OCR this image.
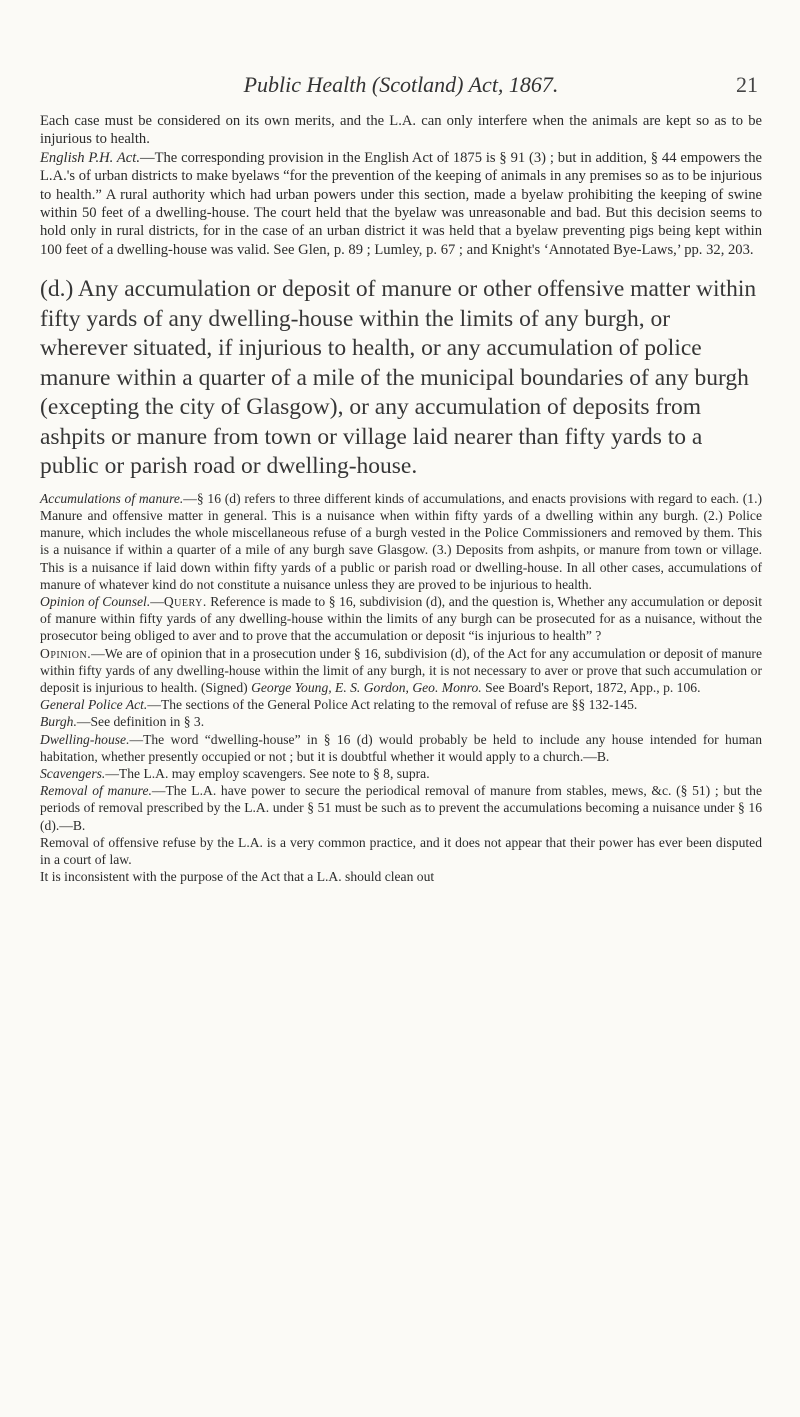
Public Health (Scotland) Act, 1867.	21

Each case must be considered on its own merits, and the L.A. can only interfere when the animals are kept so as to be injurious to health.

English P.H. Act.—The corresponding provision in the English Act of 1875 is § 91 (3) ; but in addition, § 44 empowers the L.A.'s of urban districts to make byelaws “for the prevention of the keeping of animals in any premises so as to be injurious to health.” A rural authority which had urban powers under this section, made a byelaw prohibiting the keeping of swine within 50 feet of a dwelling-house. The court held that the byelaw was unreasonable and bad. But this decision seems to hold only in rural districts, for in the case of an urban district it was held that a byelaw preventing pigs being kept within 100 feet of a dwelling-house was valid. See Glen, p. 89 ; Lumley, p. 67 ; and Knight's ‘Annotated Bye-Laws,’ pp. 32, 203.

(d.) Any accumulation or deposit of manure or other offensive matter within fifty yards of any dwelling-house within the limits of any burgh, or wherever situated, if injurious to health, or any accumulation of police manure within a quarter of a mile of the municipal boundaries of any burgh (excepting the city of Glasgow), or any accumulation of deposits from ashpits or manure from town or village laid nearer than fifty yards to a public or parish road or dwelling-house.

Accumulations of manure.—§ 16 (d) refers to three different kinds of accumulations, and enacts provisions with regard to each. (1.) Manure and offensive matter in general. This is a nuisance when within fifty yards of a dwelling within any burgh. (2.) Police manure, which includes the whole miscellaneous refuse of a burgh vested in the Police Commissioners and removed by them. This is a nuisance if within a quarter of a mile of any burgh save Glasgow. (3.) Deposits from ashpits, or manure from town or village. This is a nuisance if laid down within fifty yards of a public or parish road or dwelling-house. In all other cases, accumulations of manure of whatever kind do not constitute a nuisance unless they are proved to be injurious to health.

Opinion of Counsel.—Query. Reference is made to § 16, subdivision (d), and the question is, Whether any accumulation or deposit of manure within fifty yards of any dwelling-house within the limits of any burgh can be prosecuted for as a nuisance, without the prosecutor being obliged to aver and to prove that the accumulation or deposit “is injurious to health” ?

Opinion.—We are of opinion that in a prosecution under § 16, subdivision (d), of the Act for any accumulation or deposit of manure within fifty yards of any dwelling-house within the limit of any burgh, it is not necessary to aver or prove that such accumulation or deposit is injurious to health. (Signed) George Young, E. S. Gordon, Geo. Monro. See Board's Report, 1872, App., p. 106.

General Police Act.—The sections of the General Police Act relating to the removal of refuse are §§ 132-145.

Burgh.—See definition in § 3.

Dwelling-house.—The word “dwelling-house” in § 16 (d) would probably be held to include any house intended for human habitation, whether presently occupied or not ; but it is doubtful whether it would apply to a church.—B.

Scavengers.—The L.A. may employ scavengers. See note to § 8, supra.

Removal of manure.—The L.A. have power to secure the periodical removal of manure from stables, mews, &c. (§ 51) ; but the periods of removal prescribed by the L.A. under § 51 must be such as to prevent the accumulations becoming a nuisance under § 16 (d).—B.

Removal of offensive refuse by the L.A. is a very common practice, and it does not appear that their power has ever been disputed in a court of law.

It is inconsistent with the purpose of the Act that a L.A. should clean out
